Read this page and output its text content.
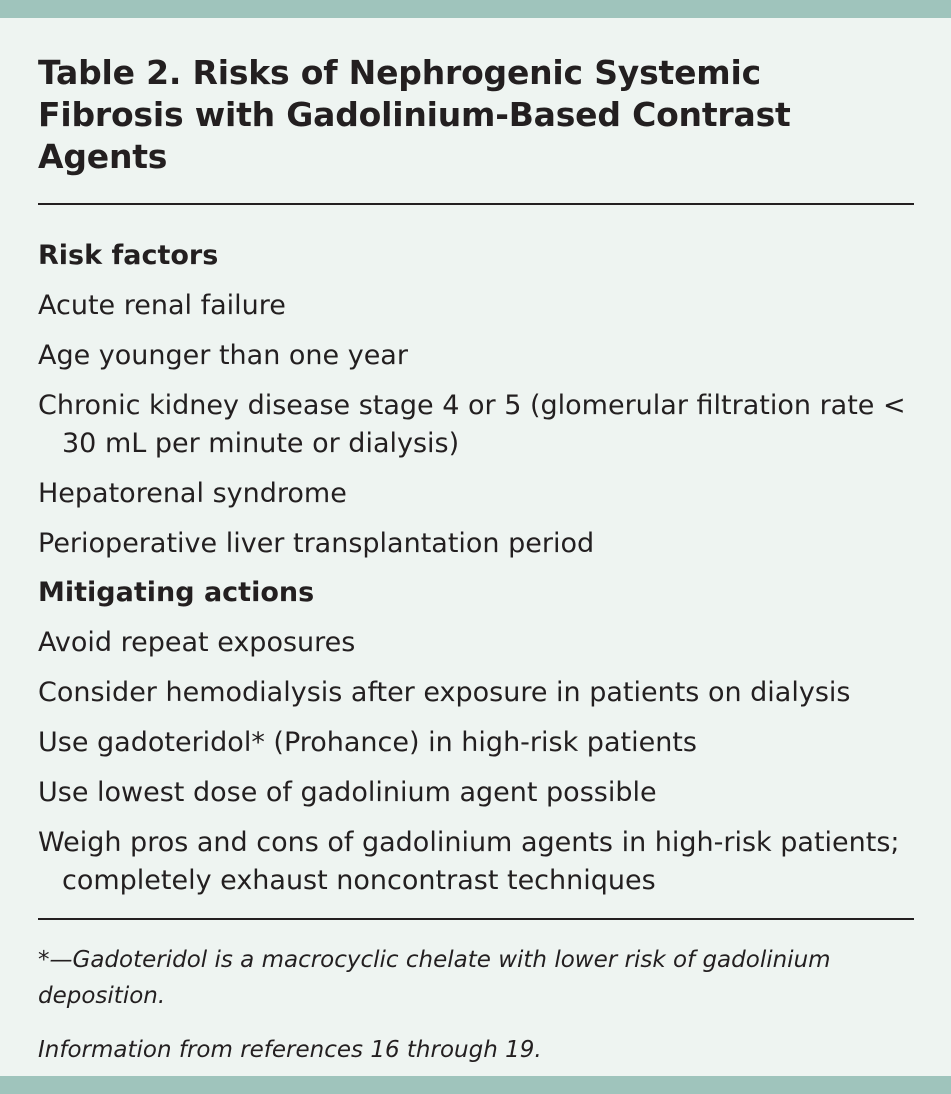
Table 2. Risks of Nephrogenic Systemic Fibrosis with Gadolinium-Based Contrast Agents
Risk factors
Acute renal failure
Age younger than one year
Chronic kidney disease stage 4 or 5 (glomerular filtration rate < 30 mL per minute or dialysis)
Hepatorenal syndrome
Perioperative liver transplantation period
Mitigating actions
Avoid repeat exposures
Consider hemodialysis after exposure in patients on dialysis
Use gadoteridol* (Prohance) in high-risk patients
Use lowest dose of gadolinium agent possible
Weigh pros and cons of gadolinium agents in high-risk patients; completely exhaust noncontrast techniques
*—Gadoteridol is a macrocyclic chelate with lower risk of gadolinium deposition.
Information from references 16 through 19.
